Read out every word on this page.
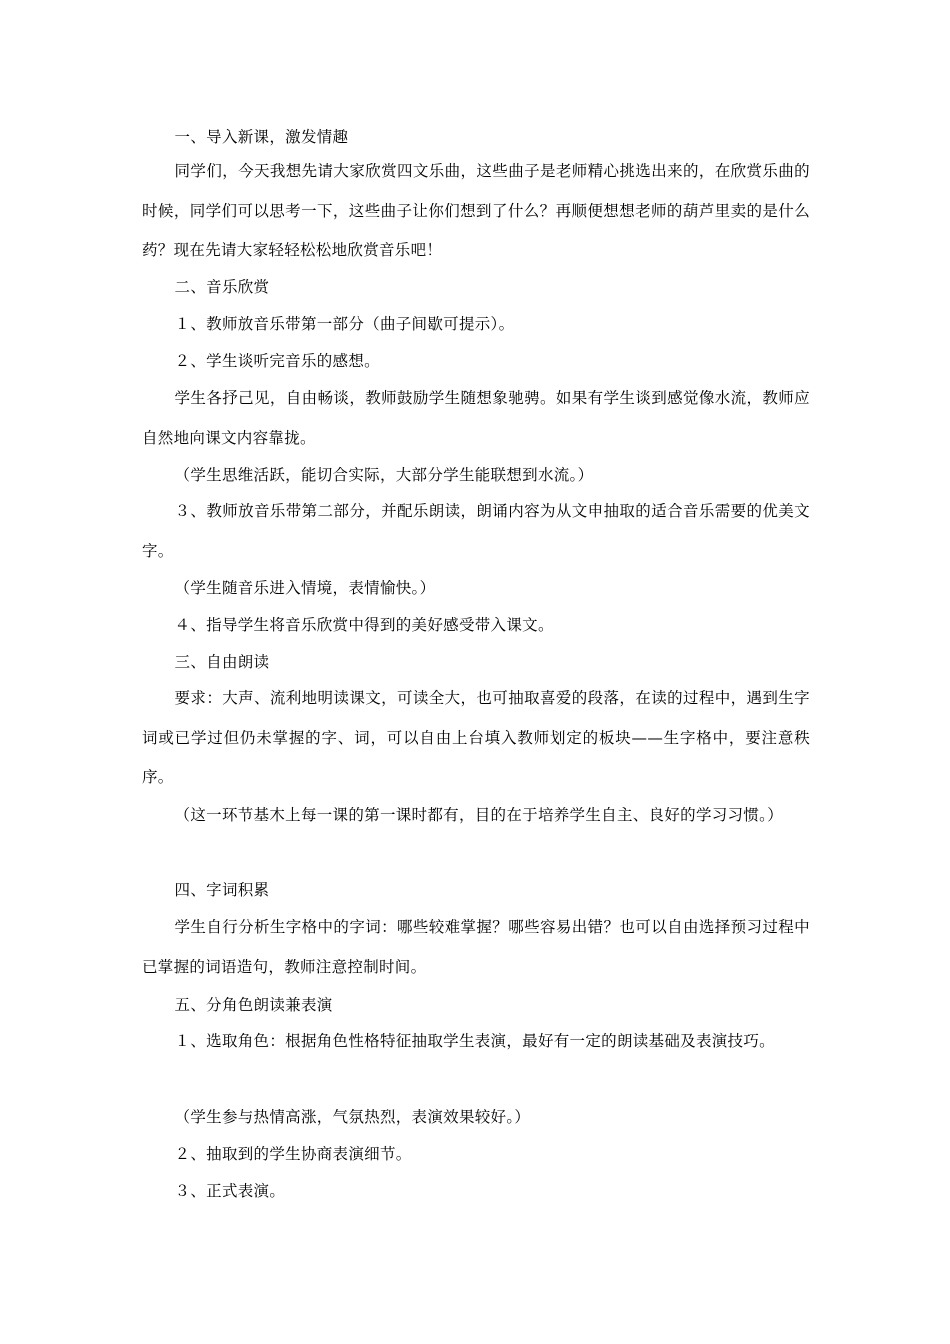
一、导入新课，激发情趣
同学们，今天我想先请大家欣赏四文乐曲，这些曲子是老师精心挑选出来的，在欣赏乐曲的时候，同学们可以思考一下，这些曲子让你们想到了什么？再顺便想想老师的葫芦里卖的是什么药？现在先请大家轻轻松松地欣赏音乐吧！
二、音乐欣赏
１、教师放音乐带第一部分（曲子间歇可提示）。
２、学生谈听完音乐的感想。
学生各抒己见，自由畅谈，教师鼓励学生随想象驰骋。如果有学生谈到感觉像水流，教师应自然地向课文内容靠拢。
（学生思维活跃，能切合实际，大部分学生能联想到水流。）
３、教师放音乐带第二部分，并配乐朗读，朗诵内容为从文申抽取的适合音乐需要的优美文字。
（学生随音乐进入情境，表情愉快。）
４、指导学生将音乐欣赏中得到的美好感受带入课文。
三、自由朗读
要求：大声、流利地明读课文，可读全大，也可抽取喜爱的段落，在读的过程中，遇到生字词或已学过但仍未掌握的字、词，可以自由上台填入教师划定的板块——生字格中，要注意秩序。
（这一环节基木上每一课的第一课时都有，目的在于培养学生自主、良好的学习习惯。）
四、字词积累
学生自行分析生字格中的字词：哪些较难掌握？哪些容易出错？也可以自由选择预习过程中已掌握的词语造句，教师注意控制时间。
五、分角色朗读兼表演
１、选取角色：根据角色性格特征抽取学生表演，最好有一定的朗读基础及表演技巧。
（学生参与热情高涨，气氛热烈，表演效果较好。）
２、抽取到的学生协商表演细节。
３、正式表演。
